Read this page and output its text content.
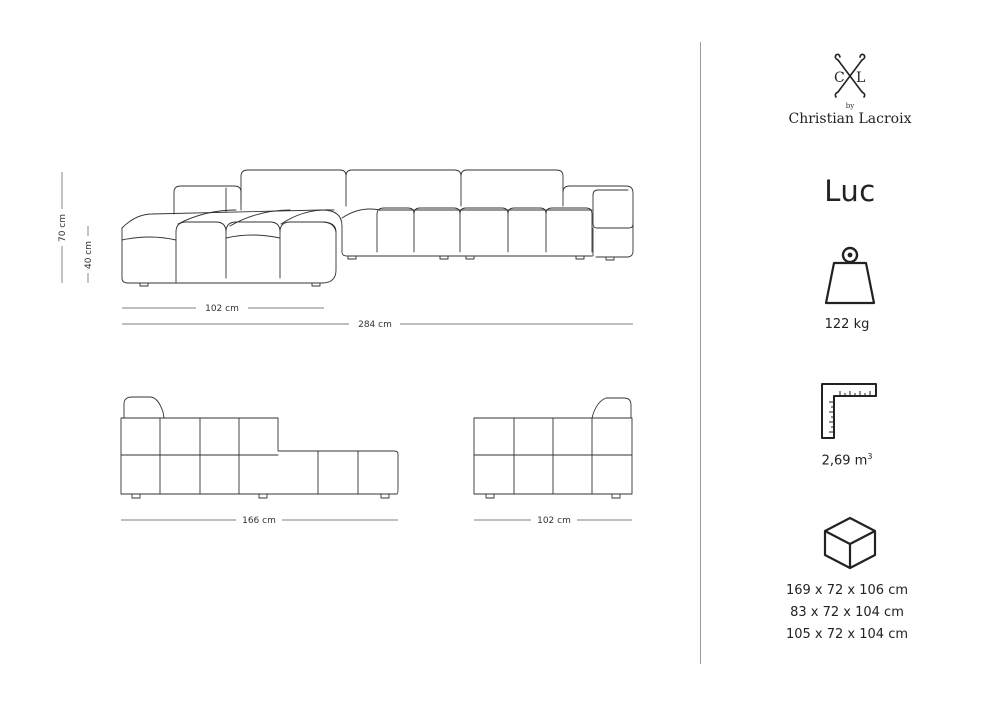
70 cm
40 cm
102 cm
284 cm
166 cm	102 cm
C L
by
Christian Lacroix
Luc
122 kg
2,69 $m^3$
169 x 72 x 106 cm
83 x 72 x 104 cm
105 x 72 x 104 cm
